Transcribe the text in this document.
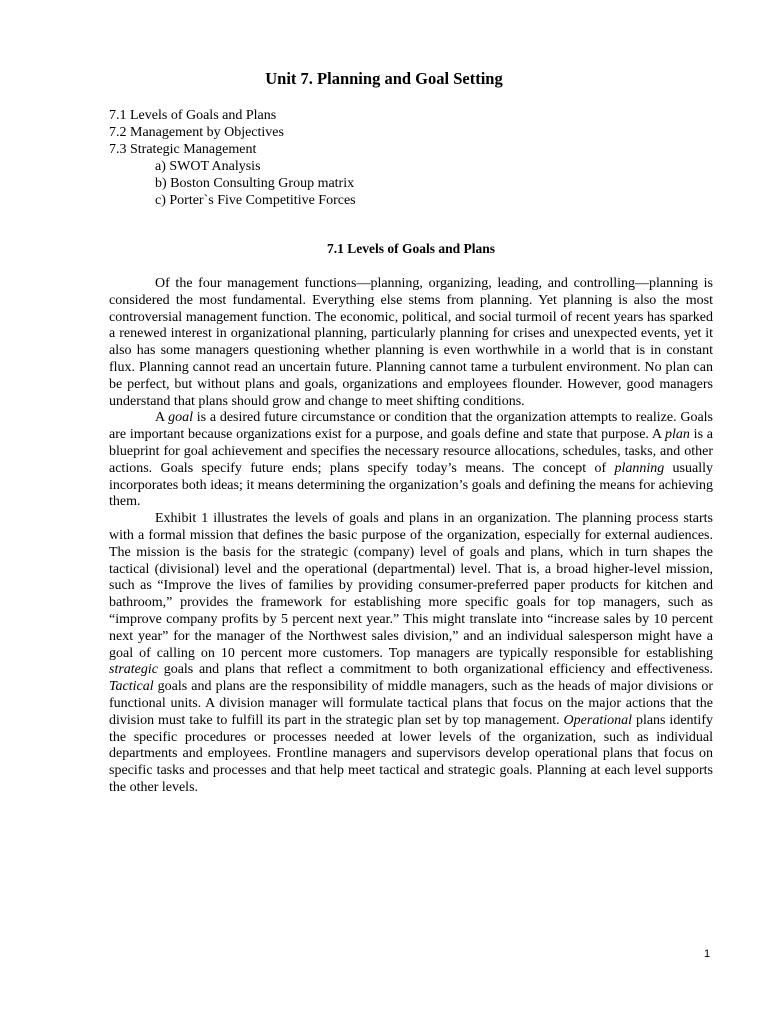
Unit 7. Planning and Goal Setting
7.1 Levels of Goals and Plans
7.2 Management by Objectives
7.3 Strategic Management
a) SWOT Analysis
b) Boston Consulting Group matrix
c) Porter`s Five Competitive Forces
7.1 Levels of Goals and Plans

Of the four management functions—planning, organizing, leading, and controlling—planning is considered the most fundamental. Everything else stems from planning. Yet planning is also the most controversial management function. The economic, political, and social turmoil of recent years has sparked a renewed interest in organizational planning, particularly planning for crises and unexpected events, yet it also has some managers questioning whether planning is even worthwhile in a world that is in constant flux. Planning cannot read an uncertain future. Planning cannot tame a turbulent environment. No plan can be perfect, but without plans and goals, organizations and employees flounder. However, good managers understand that plans should grow and change to meet shifting conditions.

A goal is a desired future circumstance or condition that the organization attempts to realize. Goals are important because organizations exist for a purpose, and goals define and state that purpose. A plan is a blueprint for goal achievement and specifies the necessary resource allocations, schedules, tasks, and other actions. Goals specify future ends; plans specify today’s means. The concept of planning usually incorporates both ideas; it means determining the organization’s goals and defining the means for achieving them.

Exhibit 1 illustrates the levels of goals and plans in an organization. The planning process starts with a formal mission that defines the basic purpose of the organization, especially for external audiences. The mission is the basis for the strategic (company) level of goals and plans, which in turn shapes the tactical (divisional) level and the operational (departmental) level. That is, a broad higher-level mission, such as “Improve the lives of families by providing consumer-preferred paper products for kitchen and bathroom,” provides the framework for establishing more specific goals for top managers, such as “improve company profits by 5 percent next year.” This might translate into “increase sales by 10 percent next year” for the manager of the Northwest sales division,” and an individual salesperson might have a goal of calling on 10 percent more customers. Top managers are typically responsible for establishing strategic goals and plans that reflect a commitment to both organizational efficiency and effectiveness. Tactical goals and plans are the responsibility of middle managers, such as the heads of major divisions or functional units. A division manager will formulate tactical plans that focus on the major actions that the division must take to fulfill its part in the strategic plan set by top management. Operational plans identify the specific procedures or processes needed at lower levels of the organization, such as individual departments and employees. Frontline managers and supervisors develop operational plans that focus on specific tasks and processes and that help meet tactical and strategic goals. Planning at each level supports the other levels.

1
